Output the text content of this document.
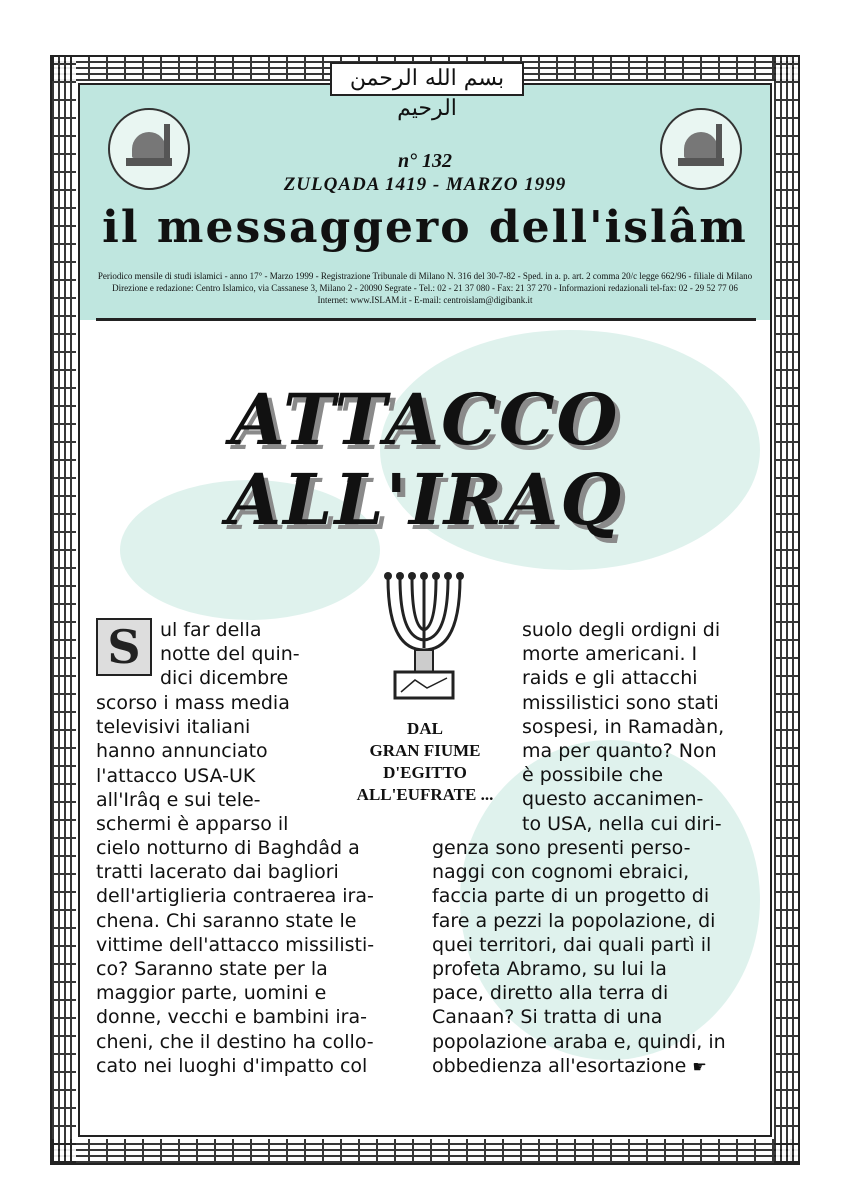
بسم الله الرحمن الرحيم
n° 132
ZULQADA 1419 - MARZO 1999
il messaggero dell'islâm
Periodico mensile di studi islamici - anno 17° - Marzo 1999 - Registrazione Tribunale di Milano N. 316 del 30-7-82 - Sped. in a. p. art. 2 comma 20/c legge 662/96 - filiale di Milano
Direzione e redazione: Centro Islamico, via Cassanese 3, Milano 2 - 20090 Segrate - Tel.: 02 - 21 37 080 - Fax: 21 37 270 - Informazioni redazionali tel-fax: 02 - 29 52 77 06
Internet: www.ISLAM.it - E-mail: centroislam@digibank.it
ATTACCO
ALL'IRAQ
DAL
GRAN FIUME
D'EGITTO
ALL'EUFRATE ...
S	ul far della
notte del quin-
dici dicembre
scorso i mass media
televisivi italiani
hanno annunciato
l'attacco USA-UK
all'Irâq e sui tele-
schermi è apparso il
cielo notturno di Baghdâd a
tratti lacerato dai bagliori
dell'artiglieria contraerea ira-
chena. Chi saranno state le
vittime dell'attacco missilisti-
co? Saranno state per la
maggior parte, uomini e
donne, vecchi e bambini ira-
cheni, che il destino ha collo-
cato nei luoghi d'impatto col
suolo degli ordigni di
morte americani. I
raids e gli attacchi
missilistici sono stati
sospesi, in Ramadàn,
ma per quanto? Non
è possibile che
questo accanimen-
to USA, nella cui diri-
genza sono presenti perso-
naggi con cognomi ebraici,
faccia parte di un progetto di
fare a pezzi la popolazione, di
quei territori, dai quali partì il
profeta Abramo, su lui la
pace, diretto alla terra di
Canaan? Si tratta di una
popolazione araba e, quindi, in
obbedienza all'esortazione ☛
